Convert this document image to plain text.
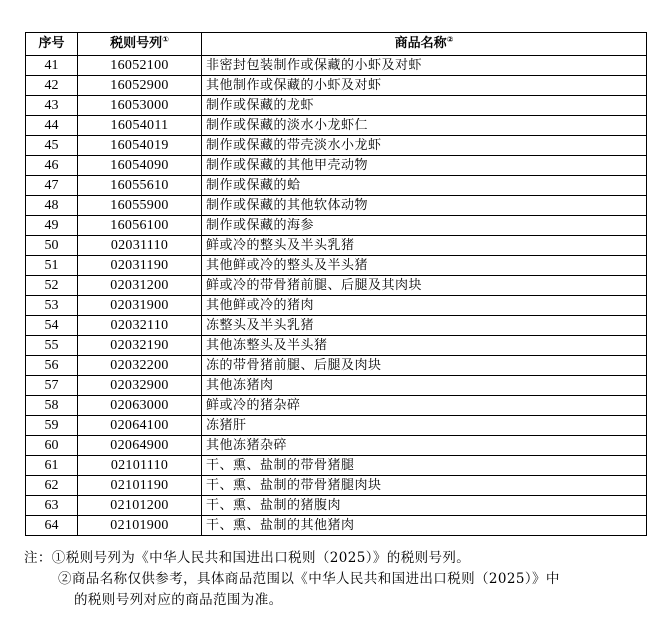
序号	税则号列①	商品名称②
41	16052100	非密封包装制作或保藏的小虾及对虾
42	16052900	其他制作或保藏的小虾及对虾
43	16053000	制作或保藏的龙虾
44	16054011	制作或保藏的淡水小龙虾仁
45	16054019	制作或保藏的带壳淡水小龙虾
46	16054090	制作或保藏的其他甲壳动物
47	16055610	制作或保藏的蛤
48	16055900	制作或保藏的其他软体动物
49	16056100	制作或保藏的海参
50	02031110	鲜或冷的整头及半头乳猪
51	02031190	其他鲜或冷的整头及半头猪
52	02031200	鲜或冷的带骨猪前腿、后腿及其肉块
53	02031900	其他鲜或冷的猪肉
54	02032110	冻整头及半头乳猪
55	02032190	其他冻整头及半头猪
56	02032200	冻的带骨猪前腿、后腿及肉块
57	02032900	其他冻猪肉
58	02063000	鲜或冷的猪杂碎
59	02064100	冻猪肝
60	02064900	其他冻猪杂碎
61	02101110	干、熏、盐制的带骨猪腿
62	02101190	干、熏、盐制的带骨猪腿肉块
63	02101200	干、熏、盐制的猪腹肉
64	02101900	干、熏、盐制的其他猪肉
注：①税则号列为《中华人民共和国进出口税则（2025）》的税则号列。
②商品名称仅供参考，具体商品范围以《中华人民共和国进出口税则（2025）》中
的税则号列对应的商品范围为准。
